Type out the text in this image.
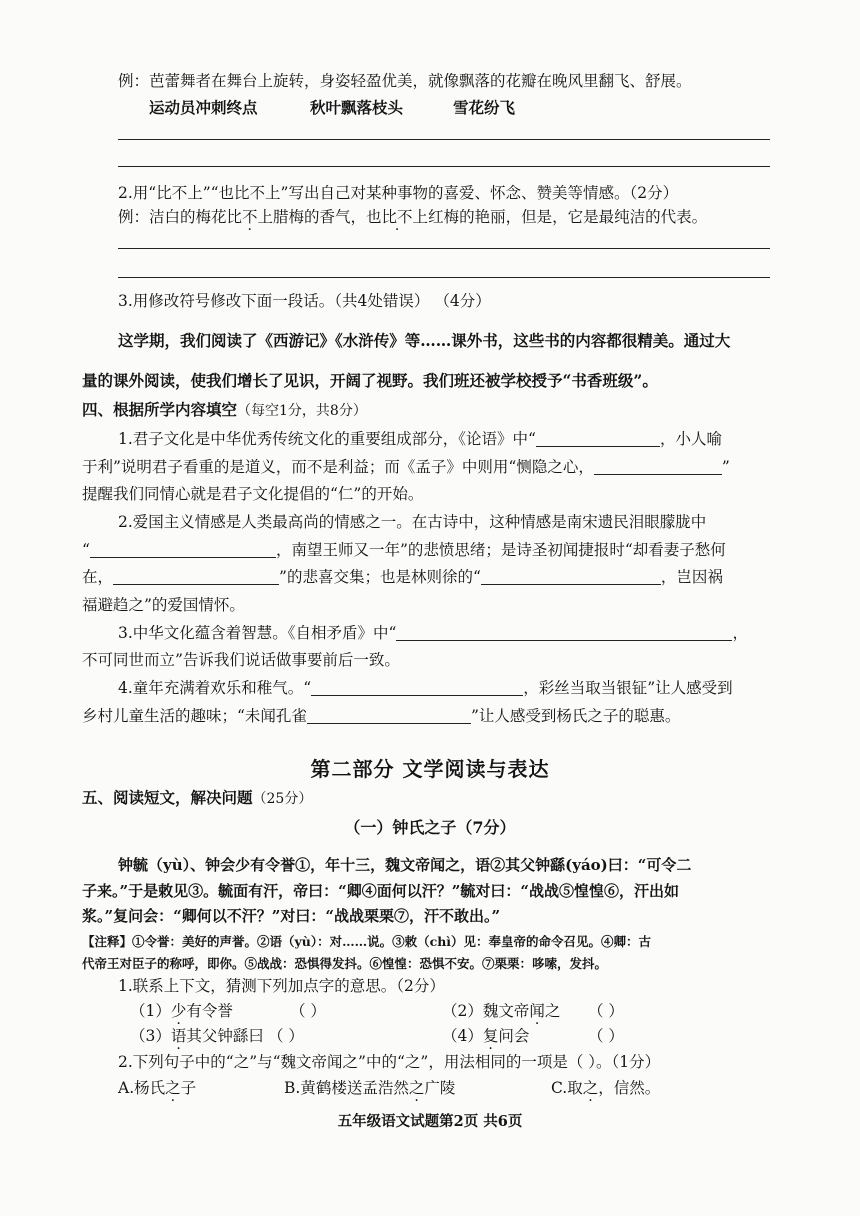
例：芭蕾舞者在舞台上旋转，身姿轻盈优美，就像飘落的花瓣在晚风里翻飞、舒展。
运动员冲刺终点	秋叶飘落枝头	雪花纷飞
2.用“比不上”“也比不上”写出自己对某种事物的喜爱、怀念、赞美等情感。（2分）
例：洁白的梅花比不上腊梅的香气，也比不上红梅的艳丽，但是，它是最纯洁的代表。
3.用修改符号修改下面一段话。（共4处错误） （4分）
这学期，我们阅读了《西游记》《水浒传》等……课外书，这些书的内容都很精美。通过大
量的课外阅读，使我们增长了见识，开阔了视野。我们班还被学校授予“书香班级”。
四、根据所学内容填空（每空1分，共8分）
1.君子文化是中华优秀传统文化的重要组成部分，《论语》中“	，小人喻
于利”说明君子看重的是道义，而不是利益；而《孟子》中则用“恻隐之心，	”
提醒我们同情心就是君子文化提倡的“仁”的开始。
2.爱国主义情感是人类最高尚的情感之一。在古诗中，这种情感是南宋遗民泪眼朦胧中
“	，南望王师又一年”的悲愤思绪；是诗圣初闻捷报时“却看妻子愁何
在，	”的悲喜交集；也是林则徐的“	，岂因祸
福避趋之”的爱国情怀。
3.中华文化蕴含着智慧。《自相矛盾》中“	，
不可同世而立”告诉我们说话做事要前后一致。
4.童年充满着欢乐和稚气。“	，彩丝当取当银钲”让人感受到
乡村儿童生活的趣味；“未闻孔雀	”让人感受到杨氏之子的聪惠。
第二部分 文学阅读与表达
五、阅读短文，解决问题（25分）
（一）钟氏之子（7分）
钟毓（yù）、钟会少有令誉①，年十三，魏文帝闻之，语②其父钟繇(yáo)曰：“可令二
子来。”于是敕见③。毓面有汗，帝曰：“卿④面何以汗？”毓对曰：“战战⑤惶惶⑥，汗出如
浆。”复问会：“卿何以不汗？”对曰：“战战栗栗⑦，汗不敢出。”
【注释】①令誉：美好的声誉。②语（yù）：对……说。③敕（chì）见：奉皇帝的命令召见。④卿：古
代帝王对臣子的称呼，即你。⑤战战：恐惧得发抖。⑥惶惶：恐惧不安。⑦栗栗：哆嗦，发抖。
1.联系上下文，猜测下列加点字的意思。（2分）
（1）少有令誉	（ ）	（2）魏文帝闻之 （ ）
（3）语其父钟繇曰 （ ）	（4）复问会	（ ）
2.下列句子中的“之”与“魏文帝闻之”中的“之”，用法相同的一项是（ ）。（1分）
A.杨氏之子	B.黄鹤楼送孟浩然之广陵	C.取之，信然。
五年级语文试题第2页 共6页
